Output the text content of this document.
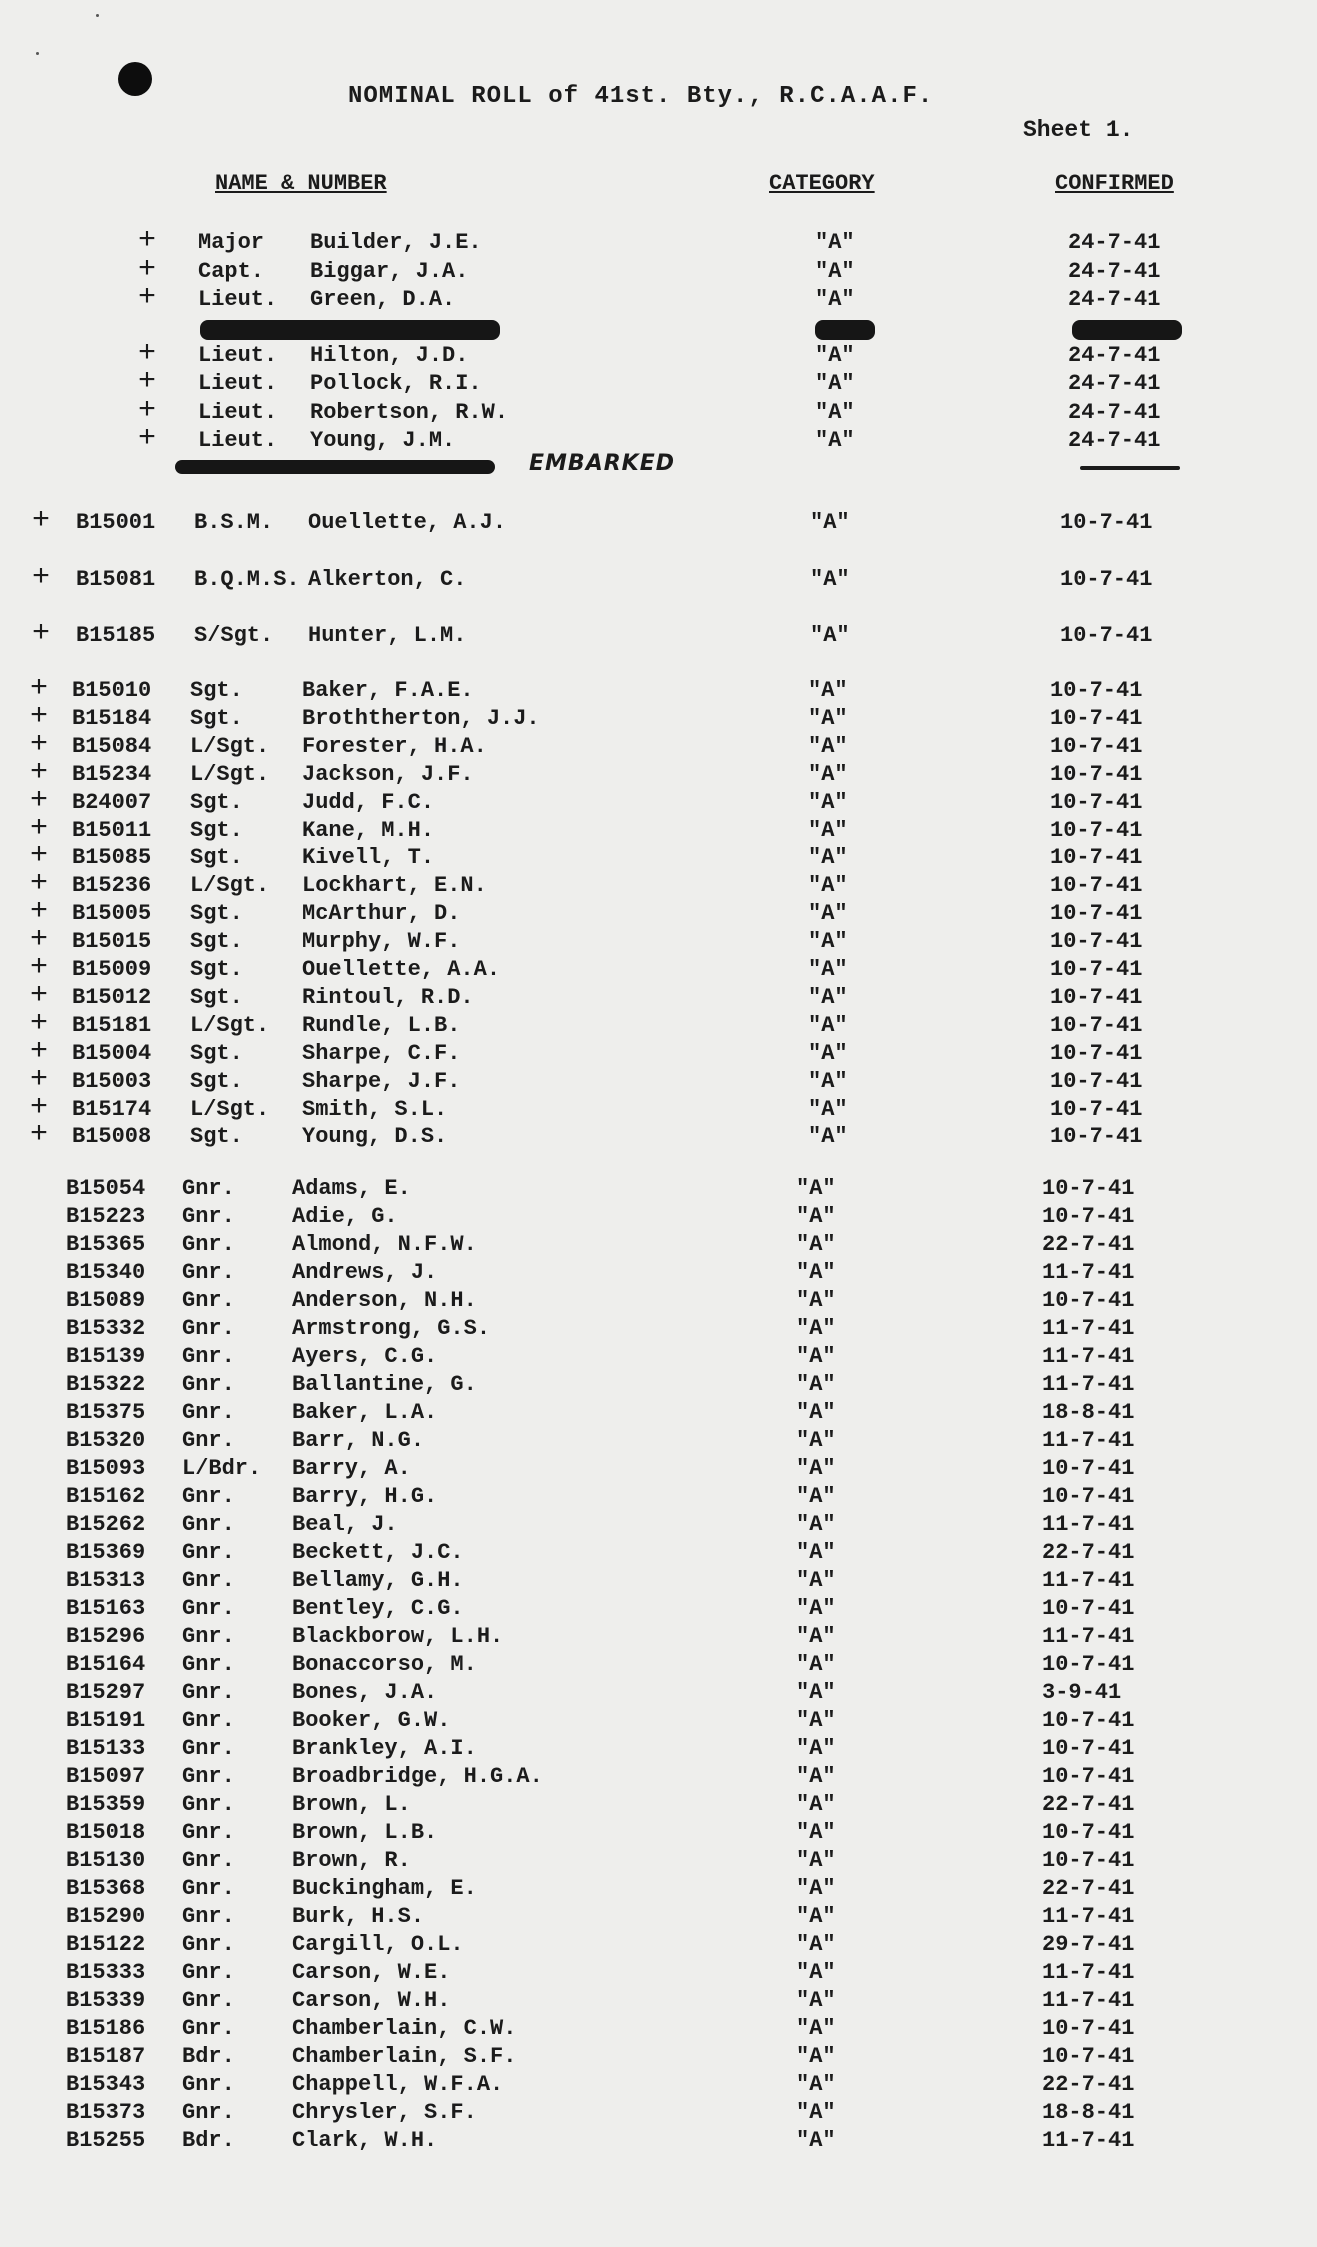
NOMINAL ROLL of 41st. Bty., R.C.A.A.F.
Sheet 1.
NAME & NUMBER	CATEGORY	CONFIRMED
+ Major Builder, J.E.	"A"	24-7-41
+ Capt. Biggar, J.A.	"A"	24-7-41
+ Lieut. Green, D.A.	"A"	24-7-41
+ Lieut. Hilton, J.D.	"A"	24-7-41
+ Lieut. Pollock, R.I.	"A"	24-7-41
+ Lieut. Robertson, R.W.	"A"	24-7-41
+ Lieut. Young, J.M.	"A"	24-7-41
+ B15001 B.S.M. Ouellette, A.J.	"A"	10-7-41
+ B15081 B.Q.M.S. Alkerton, C.	"A"	10-7-41
+ B15185 S/Sgt. Hunter, L.M.	"A"	10-7-41
+ B15010 Sgt.	Baker, F.A.E.	"A"	10-7-41
+ B15184 Sgt.	Broththerton, J.J.	"A"	10-7-41
+ B15084 L/Sgt. Forester, H.A.	"A"	10-7-41
+ B15234 L/Sgt. Jackson, J.F.	"A"	10-7-41
+ B24007 Sgt.	Judd, F.C.	"A"	10-7-41
+ B15011 Sgt.	Kane, M.H.	"A"	10-7-41
+ B15085 Sgt.	Kivell, T.	"A"	10-7-41
+ B15236 L/Sgt. Lockhart, E.N.	"A"	10-7-41
+ B15005 Sgt.	McArthur, D.	"A"	10-7-41
+ B15015 Sgt.	Murphy, W.F.	"A"	10-7-41
+ B15009 Sgt.	Ouellette, A.A.	"A"	10-7-41
+ B15012 Sgt.	Rintoul, R.D.	"A"	10-7-41
+ B15181 L/Sgt. Rundle, L.B.	"A"	10-7-41
+ B15004 Sgt.	Sharpe, C.F.	"A"	10-7-41
+ B15003 Sgt.	Sharpe, J.F.	"A"	10-7-41
+ B15174 L/Sgt. Smith, S.L.	"A"	10-7-41
+ B15008 Sgt.	Young, D.S.	"A"	10-7-41
B15054 Gnr.	Adams, E.	"A"	10-7-41
B15223 Gnr.	Adie, G.	"A"	10-7-41
B15365 Gnr.	Almond, N.F.W.	"A"	22-7-41
B15340 Gnr.	Andrews, J.	"A"	11-7-41
B15089 Gnr.	Anderson, N.H.	"A"	10-7-41
B15332 Gnr.	Armstrong, G.S.	"A"	11-7-41
B15139 Gnr.	Ayers, C.G.	"A"	11-7-41
B15322 Gnr.	Ballantine, G.	"A"	11-7-41
B15375 Gnr.	Baker, L.A.	"A"	18-8-41
B15320 Gnr.	Barr, N.G.	"A"	11-7-41
B15093 L/Bdr. Barry, A.	"A"	10-7-41
B15162 Gnr.	Barry, H.G.	"A"	10-7-41
B15262 Gnr.	Beal, J.	"A"	11-7-41
B15369 Gnr.	Beckett, J.C.	"A"	22-7-41
B15313 Gnr.	Bellamy, G.H.	"A"	11-7-41
B15163 Gnr.	Bentley, C.G.	"A"	10-7-41
B15296 Gnr.	Blackborow, L.H.	"A"	11-7-41
B15164 Gnr.	Bonaccorso, M.	"A"	10-7-41
B15297 Gnr.	Bones, J.A.	"A"	3-9-41
B15191 Gnr.	Booker, G.W.	"A"	10-7-41
B15133 Gnr.	Brankley, A.I.	"A"	10-7-41
B15097 Gnr.	Broadbridge, H.G.A.	"A"	10-7-41
B15359 Gnr.	Brown, L.	"A"	22-7-41
B15018 Gnr.	Brown, L.B.	"A"	10-7-41
B15130 Gnr.	Brown, R.	"A"	10-7-41
B15368 Gnr.	Buckingham, E.	"A"	22-7-41
B15290 Gnr.	Burk, H.S.	"A"	11-7-41
B15122 Gnr.	Cargill, O.L.	"A"	29-7-41
B15333 Gnr.	Carson, W.E.	"A"	11-7-41
B15339 Gnr.	Carson, W.H.	"A"	11-7-41
B15186 Gnr.	Chamberlain, C.W.	"A"	10-7-41
B15187 Bdr.	Chamberlain, S.F.	"A"	10-7-41
B15343 Gnr.	Chappell, W.F.A.	"A"	22-7-41
B15373 Gnr.	Chrysler, S.F.	"A"	18-8-41
B15255 Bdr.	Clark, W.H.	"A"	11-7-41
EMBARKED
